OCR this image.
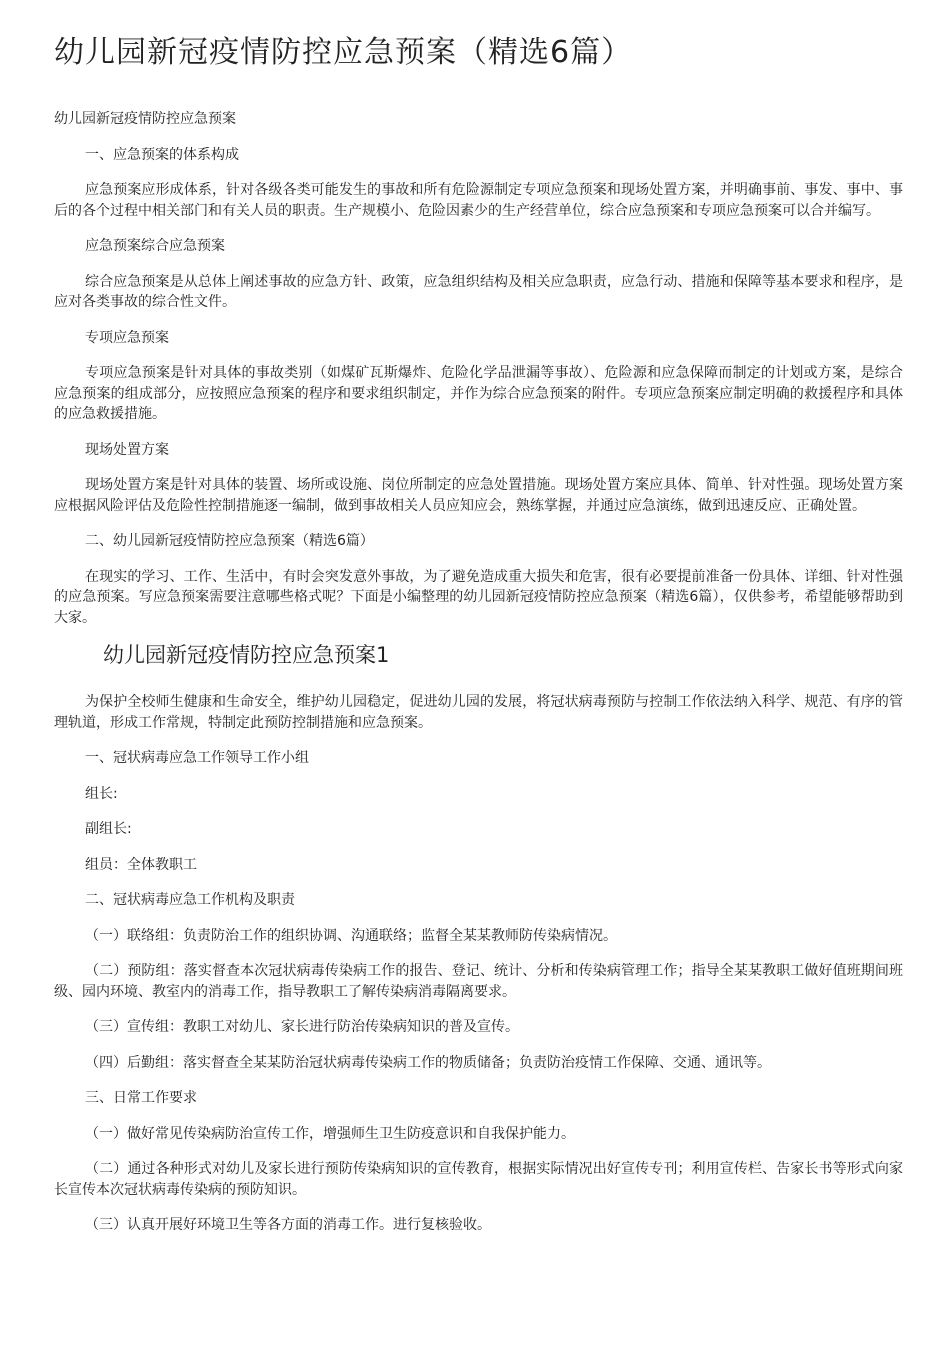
幼儿园新冠疫情防控应急预案（精选6篇）

幼儿园新冠疫情防控应急预案

一、应急预案的体系构成

应急预案应形成体系，针对各级各类可能发生的事故和所有危险源制定专项应急预案和现场处置方案，并明确事前、事发、事中、事后的各个过程中相关部门和有关人员的职责。生产规模小、危险因素少的生产经营单位，综合应急预案和专项应急预案可以合并编写。

应急预案综合应急预案

综合应急预案是从总体上阐述事故的应急方针、政策，应急组织结构及相关应急职责，应急行动、措施和保障等基本要求和程序，是应对各类事故的综合性文件。

专项应急预案

专项应急预案是针对具体的事故类别（如煤矿瓦斯爆炸、危险化学品泄漏等事故）、危险源和应急保障而制定的计划或方案，是综合应急预案的组成部分，应按照应急预案的程序和要求组织制定，并作为综合应急预案的附件。专项应急预案应制定明确的救援程序和具体的应急救援措施。

现场处置方案

现场处置方案是针对具体的装置、场所或设施、岗位所制定的应急处置措施。现场处置方案应具体、简单、针对性强。现场处置方案应根据风险评估及危险性控制措施逐一编制，做到事故相关人员应知应会，熟练掌握，并通过应急演练，做到迅速反应、正确处置。

二、幼儿园新冠疫情防控应急预案（精选6篇）

在现实的学习、工作、生活中，有时会突发意外事故，为了避免造成重大损失和危害，很有必要提前准备一份具体、详细、针对性强的应急预案。写应急预案需要注意哪些格式呢？下面是小编整理的幼儿园新冠疫情防控应急预案（精选6篇），仅供参考，希望能够帮助到大家。

幼儿园新冠疫情防控应急预案1

为保护全校师生健康和生命安全，维护幼儿园稳定，促进幼儿园的发展，将冠状病毒预防与控制工作依法纳入科学、规范、有序的管理轨道，形成工作常规，特制定此预防控制措施和应急预案。

一、冠状病毒应急工作领导工作小组

组长:

副组长:

组员：全体教职工

二、冠状病毒应急工作机构及职责

（一）联络组：负责防治工作的组织协调、沟通联络；监督全某某教师防传染病情况。

（二）预防组：落实督查本次冠状病毒传染病工作的报告、登记、统计、分析和传染病管理工作；指导全某某教职工做好值班期间班级、园内环境、教室内的消毒工作，指导教职工了解传染病消毒隔离要求。

（三）宣传组：教职工对幼儿、家长进行防治传染病知识的普及宣传。

（四）后勤组：落实督查全某某防治冠状病毒传染病工作的物质储备；负责防治疫情工作保障、交通、通讯等。

三、日常工作要求

（一）做好常见传染病防治宣传工作，增强师生卫生防疫意识和自我保护能力。

（二）通过各种形式对幼儿及家长进行预防传染病知识的宣传教育，根据实际情况出好宣传专刊；利用宣传栏、告家长书等形式向家长宣传本次冠状病毒传染病的预防知识。

（三）认真开展好环境卫生等各方面的消毒工作。进行复核验收。
